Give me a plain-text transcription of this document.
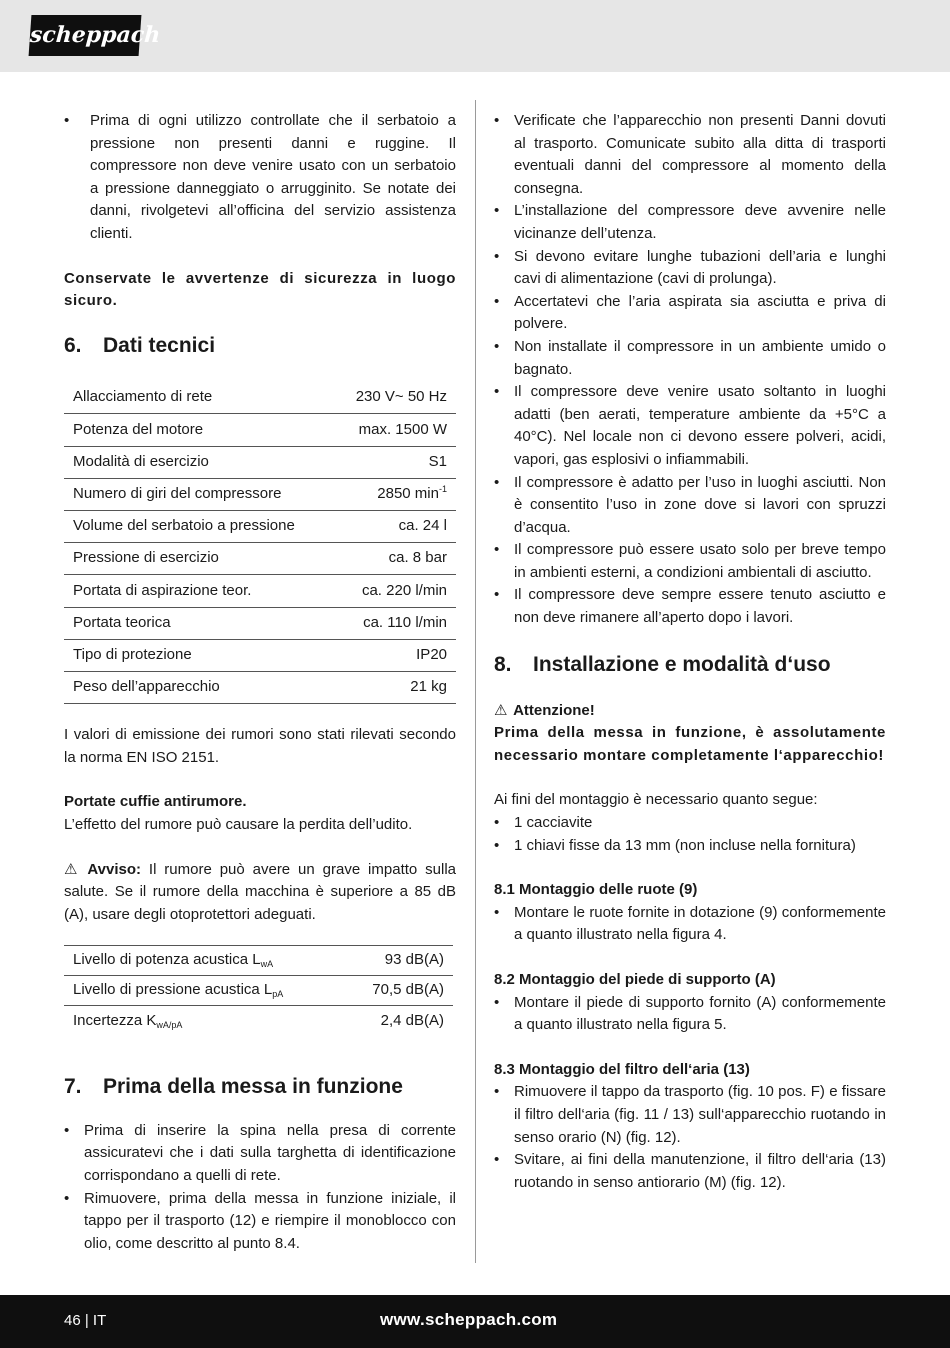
scheppach
• Prima di ogni utilizzo controllate che il serbatoio a pressione non presenti danni e ruggine. Il compressore non deve venire usato con un serbatoio a pressione danneggiato o arrugginito. Se notate dei danni, rivolgetevi all’officina del servizio assistenza clienti.

Conservate le avvertenze di sicurezza in luogo sicuro.

6.	Dati tecnici
Allacciamento di rete	230 V~ 50 Hz
Potenza del motore	max. 1500 W
Modalità di esercizio	S1
Numero di giri del compressore	2850 $\min^{-1}$
Volume del serbatoio a pressione	ca. 24 l
Pressione di esercizio	ca. 8 bar
Portata di aspirazione teor.	ca. 220 l/min
Portata teorica	ca. 110 l/min
Tipo di protezione	IP20
Peso dell’apparecchio	21 kg

I valori di emissione dei rumori sono stati rilevati secondo la norma EN ISO 2151.

Portate cuffie antirumore.

L’effetto del rumore può causare la perdita dell’udito.

⚠ Avviso: Il rumore può avere un grave impatto sulla salute. Se il rumore della macchina è superiore a 85 dB (A), usare degli otoprotettori adeguati.

Livello di potenza acustica $L_{wA}$	93 dB(A)
Livello di pressione acustica $L_{pA}$	70,5 dB(A)
Incertezza $K_{wA/pA}$	2,4 dB(A)
7.	Prima della messa in funzione
• Prima di inserire la spina nella presa di corrente assicuratevi che i dati sulla targhetta di identificazione corrispondano a quelli di rete.
• Rimuovere, prima della messa in funzione iniziale, il tappo per il trasporto (12) e riempire il monoblocco con olio, come descritto al punto 8.4.
• Verificate che l’apparecchio non presenti Danni dovuti al trasporto. Comunicate subito alla ditta di trasporti eventuali danni del compressore al momento della consegna.
• L’installazione del compressore deve avvenire nelle vicinanze dell’utenza.
• Si devono evitare lunghe tubazioni dell’aria e lunghi cavi di alimentazione (cavi di prolunga).
• Accertatevi che l’aria aspirata sia asciutta e priva di polvere.
• Non installate il compressore in un ambiente umido o bagnato.
• Il compressore deve venire usato soltanto in luoghi adatti (ben aerati, temperature ambiente da +5°C a 40°C). Nel locale non ci devono essere polveri, acidi, vapori, gas esplosivi o infiammabili.
• Il compressore è adatto per l’uso in luoghi asciutti. Non è consentito l’uso in zone dove si lavori con spruzzi d’acqua.
• Il compressore può essere usato solo per breve tempo in ambienti esterni, a condizioni ambientali di asciutto.
• Il compressore deve sempre essere tenuto asciutto e non deve rimanere all’aperto dopo i lavori.
8.	Installazione e modalità d‘uso

⚠ Attenzione!

Prima della messa in funzione, è assolutamente necessario montare completamente l‘apparecchio!

Ai fini del montaggio è necessario quanto segue:

• 1 cacciavite
• 1 chiavi fisse da 13 mm (non incluse nella fornitura)

8.1 Montaggio delle ruote (9)

• Montare le ruote fornite in dotazione (9) conformemente a quanto illustrato nella figura 4.

8.2 Montaggio del piede di supporto (A)

• Montare il piede di supporto fornito (A) conformemente a quanto illustrato nella figura 5.

8.3 Montaggio del filtro dell‘aria (13)

• Rimuovere il tappo da trasporto (fig. 10 pos. F) e fissare il filtro dell‘aria (fig. 11 / 13) sull‘apparecchio ruotando in senso orario (N) (fig. 12).
• Svitare, ai fini della manutenzione, il filtro dell‘aria (13) ruotando in senso antiorario (M) (fig. 12).
46 | IT	www.scheppach.com
